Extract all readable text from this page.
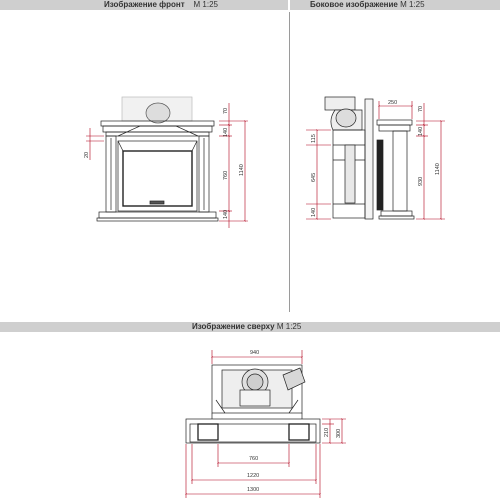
Изображение фронт М 1:25	Боковое изображение М 1:25
Изображение сверху М 1:25
70
140
760 1140
140
20
250
70
140
930
1140
115
645
140
940
760
1220
1300
210 300
